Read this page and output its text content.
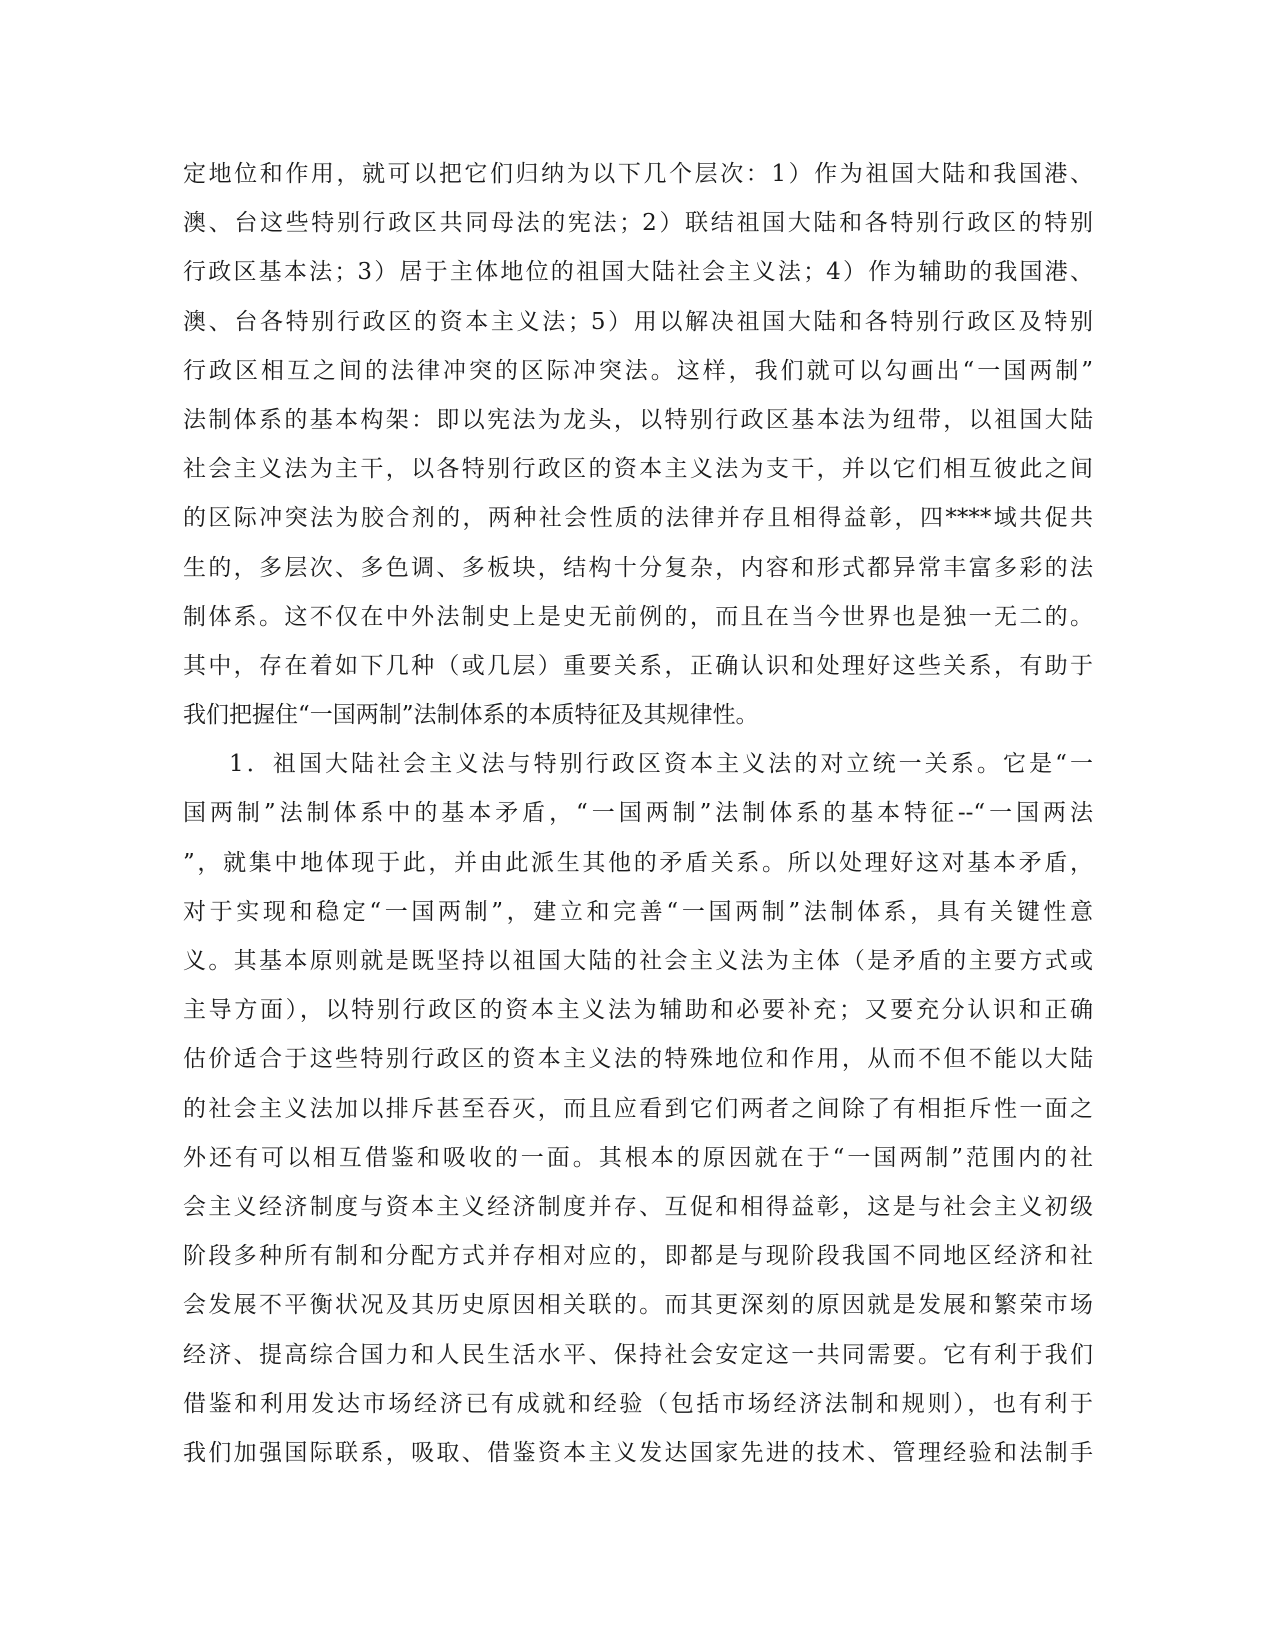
定地位和作用，就可以把它们归纳为以下几个层次：1）作为祖国大陆和我国港、
澳、台这些特别行政区共同母法的宪法；2）联结祖国大陆和各特别行政区的特别
行政区基本法；3）居于主体地位的祖国大陆社会主义法；4）作为辅助的我国港、
澳、台各特别行政区的资本主义法；5）用以解决祖国大陆和各特别行政区及特别
行政区相互之间的法律冲突的区际冲突法。这样，我们就可以勾画出“一国两制”
法制体系的基本构架：即以宪法为龙头，以特别行政区基本法为纽带，以祖国大陆
社会主义法为主干，以各特别行政区的资本主义法为支干，并以它们相互彼此之间
的区际冲突法为胶合剂的，两种社会性质的法律并存且相得益彰，四****域共促共
生的，多层次、多色调、多板块，结构十分复杂，内容和形式都异常丰富多彩的法
制体系。这不仅在中外法制史上是史无前例的，而且在当今世界也是独一无二的。
其中，存在着如下几种（或几层）重要关系，正确认识和处理好这些关系，有助于
我们把握住“一国两制”法制体系的本质特征及其规律性。
1．祖国大陆社会主义法与特别行政区资本主义法的对立统一关系。它是“一
国两制”法制体系中的基本矛盾，“一国两制”法制体系的基本特征--“一国两法
”，就集中地体现于此，并由此派生其他的矛盾关系。所以处理好这对基本矛盾，
对于实现和稳定“一国两制”，建立和完善“一国两制”法制体系，具有关键性意
义。其基本原则就是既坚持以祖国大陆的社会主义法为主体（是矛盾的主要方式或
主导方面），以特别行政区的资本主义法为辅助和必要补充；又要充分认识和正确
估价适合于这些特别行政区的资本主义法的特殊地位和作用，从而不但不能以大陆
的社会主义法加以排斥甚至吞灭，而且应看到它们两者之间除了有相拒斥性一面之
外还有可以相互借鉴和吸收的一面。其根本的原因就在于“一国两制”范围内的社
会主义经济制度与资本主义经济制度并存、互促和相得益彰，这是与社会主义初级
阶段多种所有制和分配方式并存相对应的，即都是与现阶段我国不同地区经济和社
会发展不平衡状况及其历史原因相关联的。而其更深刻的原因就是发展和繁荣市场
经济、提高综合国力和人民生活水平、保持社会安定这一共同需要。它有利于我们
借鉴和利用发达市场经济已有成就和经验（包括市场经济法制和规则），也有利于
我们加强国际联系，吸取、借鉴资本主义发达国家先进的技术、管理经验和法制手
